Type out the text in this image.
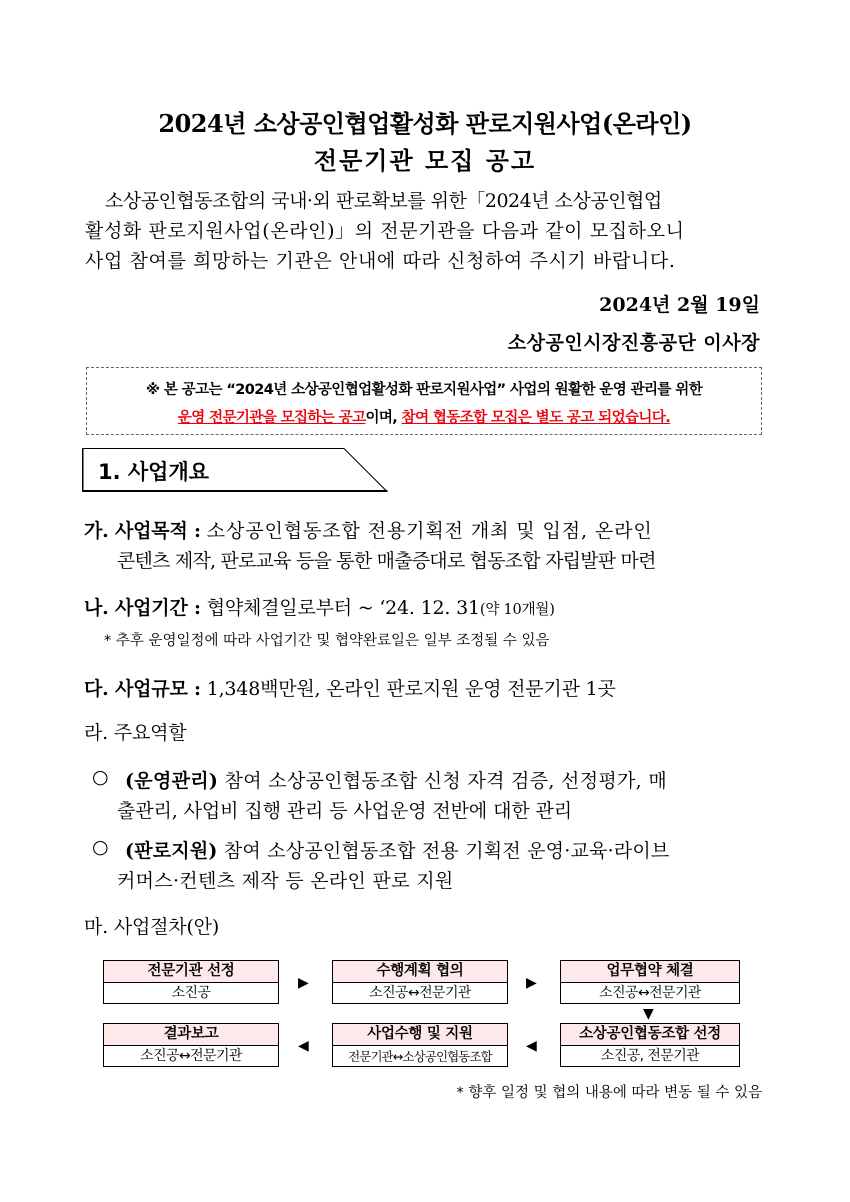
2024년 소상공인협업활성화 판로지원사업(온라인)
전문기관 모집 공고

소상공인협동조합의 국내·외 판로확보를 위한「2024년 소상공인협업

활성화 판로지원사업(온라인)」의 전문기관을 다음과 같이 모집하오니

사업 참여를 희망하는 기관은 안내에 따라 신청하여 주시기 바랍니다.

2024년 2월 19일
소상공인시장진흥공단 이사장
※ 본 공고는 “2024년 소상공인협업활성화 판로지원사업” 사업의 원활한 운영 관리를 위한
운영 전문기관을 모집하는 공고이며, 참여 협동조합 모집은 별도 공고 되었습니다.
1. 사업개요
가. 사업목적 : 소상공인협동조합 전용기획전 개최 및 입점, 온라인
콘텐츠 제작, 판로교육 등을 통한 매출증대로 협동조합 자립발판 마련
나. 사업기간 : 협약체결일로부터 ~ ‘24. 12. 31(약 10개월)
* 추후 운영일정에 따라 사업기간 및 협약완료일은 일부 조정될 수 있음
다. 사업규모 : 1,348백만원, 온라인 판로지원 운영 전문기관 1곳
라. 주요역할
○ (운영관리) 참여 소상공인협동조합 신청 자격 검증, 선정평가, 매
출관리, 사업비 집행 관리 등 사업운영 전반에 대한 관리
○ (판로지원) 참여 소상공인협동조합 전용 기획전 운영·교육·라이브
커머스·컨텐츠 제작 등 온라인 판로 지원
마. 사업절차(안)
전문기관 선정
소진공
▶
수행계획 협의
소진공↔전문기관
▶
업무협약 체결
소진공↔전문기관
▼
소상공인협동조합 선정
소진공, 전문기관
◀
사업수행 및 지원
전문기관↔소상공인협동조합
◀
결과보고
소진공↔전문기관
* 향후 일정 및 협의 내용에 따라 변동 될 수 있음
